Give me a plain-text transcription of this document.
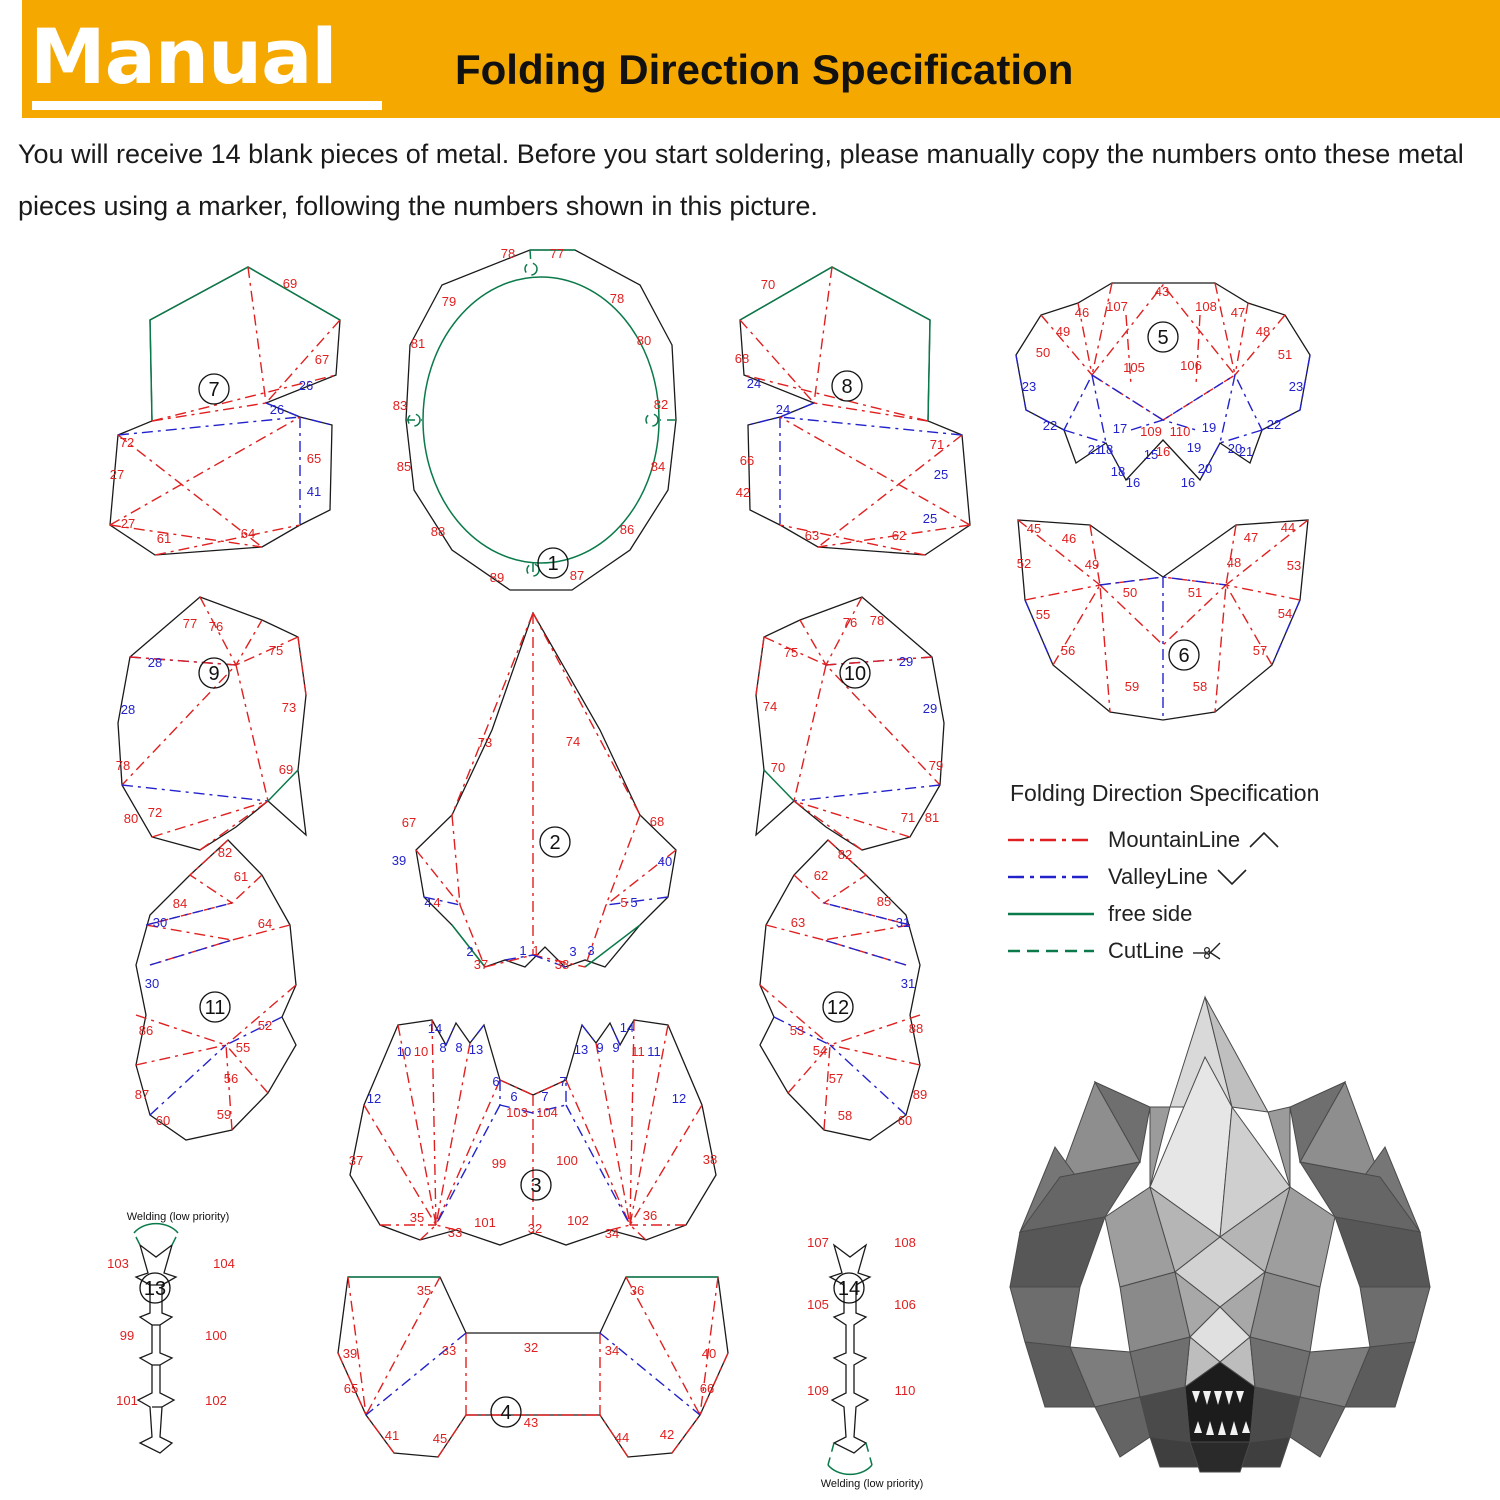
Manual	Folding Direction Specification
You will receive 14 blank pieces of metal. Before you start soldering, please manually copy the numbers onto these metal pieces using a marker, following the numbers shown in this picture.
7
1
8
5
6
9	10
2
11	12
3
4
13
Welding (low priority)
14
Welding (low priority)
69
67
26
26
72
27
27
61	64
65
41
78	77
79	78
81	80
83	82
85	84
88	86
89	87
70
68
24
24
66
42
63	62
71
25
25
43
46 107	108 47
49	48
50	51
105	106
23	23
22	22
17 109 110 19
21
18 15
16 19 20
21
18
16
20
16
45
46	47
44
52	49	48	53
50	51
55	54
56	57
59	58
77 76
75
28
28	73
78	69
80 72
73	74
67	68
39	40
4 4	5 5
2	1 1 3 3
37	38
76 78
75
29
74	29
70	79
71 81
82
61
84
30	64
30
86	52
55
56
87
59
60
82
62
85
63	31
31
53	88
54
57
58
89
60
14	14
10 10 8 8 13	13 9 9 11 11
6	7
6 7
12	12
103 104
37	38
99	100
35	36
33
101	102
32	34
35	36
39	33	32	34	40
65	66
41	45
43
44 42
103	104
99	100
101	102
107	108
105	106
109	110
Folding Direction Specification
MountainLine
ValleyLine
free side
CutLine
